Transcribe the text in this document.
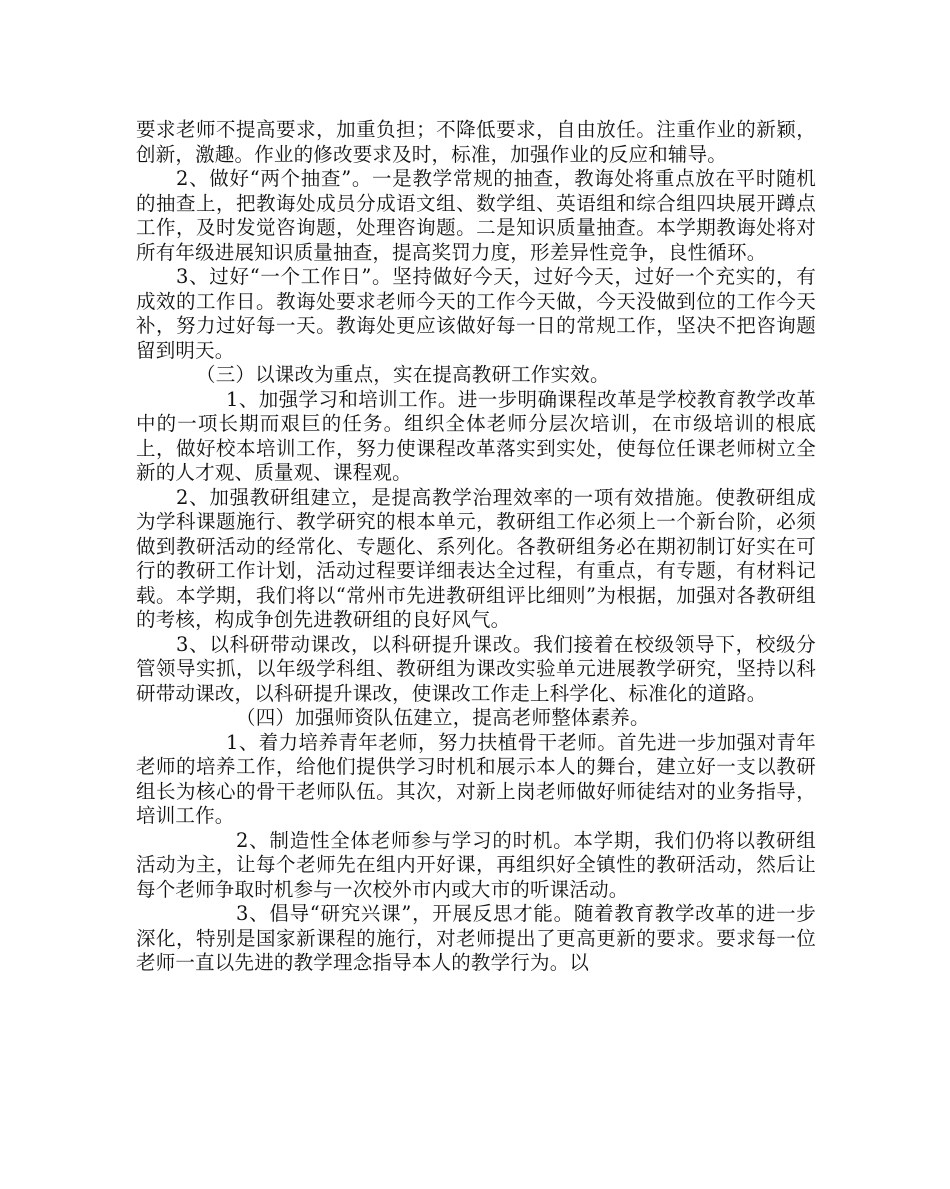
要求老师不提高要求，加重负担；不降低要求，自由放任。注重作业的新颖，创新，激趣。作业的修改要求及时，标准，加强作业的反应和辅导。

2、做好“两个抽查”。一是教学常规的抽查，教诲处将重点放在平时随机的抽查上，把教诲处成员分成语文组、数学组、英语组和综合组四块展开蹲点工作，及时发觉咨询题，处理咨询题。二是知识质量抽查。本学期教诲处将对所有年级进展知识质量抽查，提高奖罚力度，形差异性竞争，良性循环。

3、过好“一个工作日”。坚持做好今天，过好今天，过好一个充实的，有成效的工作日。教诲处要求老师今天的工作今天做，今天没做到位的工作今天补，努力过好每一天。教诲处更应该做好每一日的常规工作，坚决不把咨询题留到明天。

（三）以课改为重点，实在提高教研工作实效。

1、加强学习和培训工作。进一步明确课程改革是学校教育教学改革中的一项长期而艰巨的任务。组织全体老师分层次培训，在市级培训的根底上，做好校本培训工作，努力使课程改革落实到实处，使每位任课老师树立全新的人才观、质量观、课程观。

2、加强教研组建立，是提高教学治理效率的一项有效措施。使教研组成为学科课题施行、教学研究的根本单元，教研组工作必须上一个新台阶，必须做到教研活动的经常化、专题化、系列化。各教研组务必在期初制订好实在可行的教研工作计划，活动过程要详细表达全过程，有重点，有专题，有材料记载。本学期，我们将以“常州市先进教研组评比细则”为根据，加强对各教研组的考核，构成争创先进教研组的良好风气。

3、以科研带动课改，以科研提升课改。我们接着在校级领导下，校级分管领导实抓，以年级学科组、教研组为课改实验单元进展教学研究，坚持以科研带动课改，以科研提升课改，使课改工作走上科学化、标准化的道路。

（四）加强师资队伍建立，提高老师整体素养。

1、着力培养青年老师，努力扶植骨干老师。首先进一步加强对青年老师的培养工作，给他们提供学习时机和展示本人的舞台，建立好一支以教研组长为核心的骨干老师队伍。其次，对新上岗老师做好师徒结对的业务指导，培训工作。

2、制造性全体老师参与学习的时机。本学期，我们仍将以教研组活动为主，让每个老师先在组内开好课，再组织好全镇性的教研活动，然后让每个老师争取时机参与一次校外市内或大市的听课活动。

3、倡导“研究兴课”，开展反思才能。随着教育教学改革的进一步深化，特别是国家新课程的施行，对老师提出了更高更新的要求。要求每一位老师一直以先进的教学理念指导本人的教学行为。以
